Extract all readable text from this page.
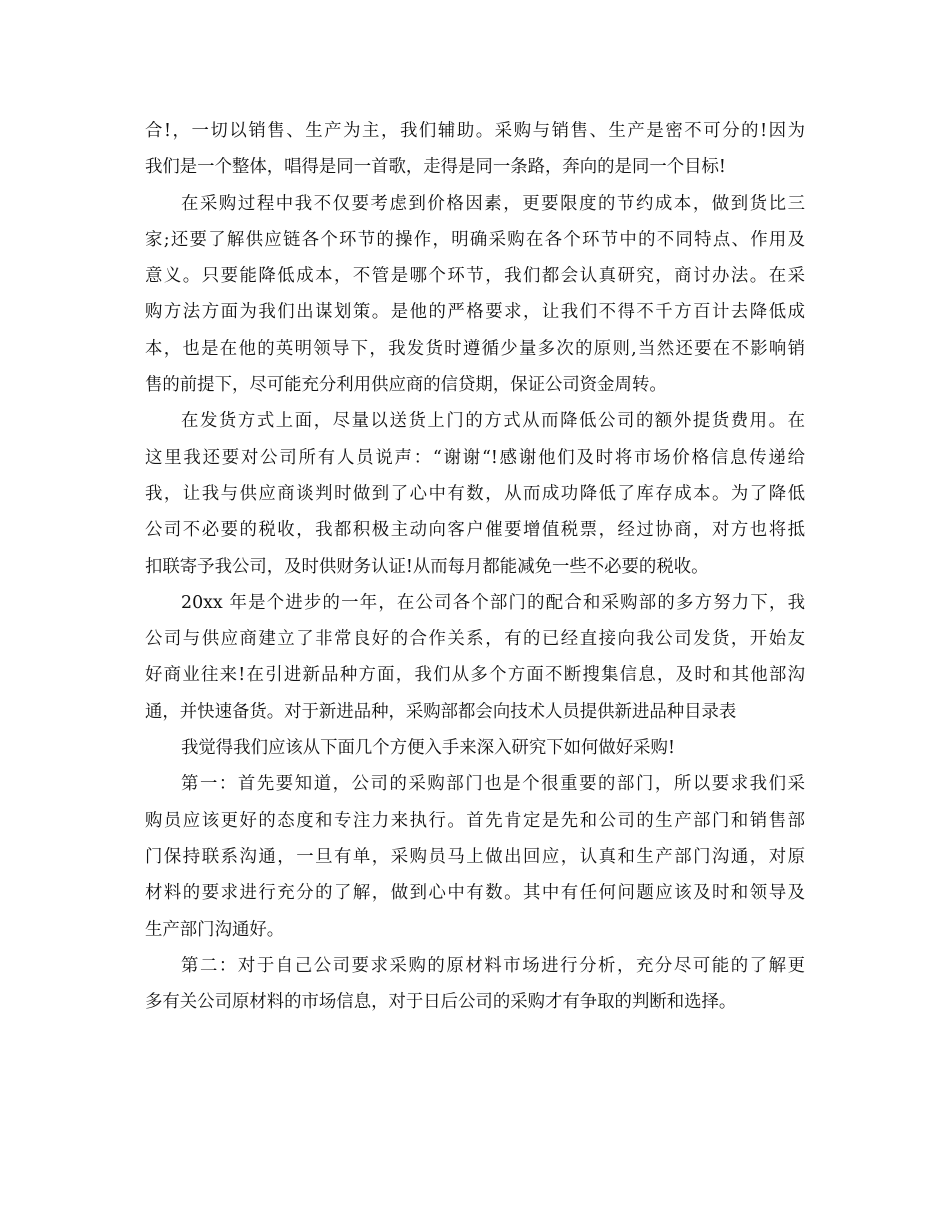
合!，一切以销售、生产为主，我们辅助。采购与销售、生产是密不可分的!因为
我们是一个整体，唱得是同一首歌，走得是同一条路，奔向的是同一个目标!
在采购过程中我不仅要考虑到价格因素，更要限度的节约成本，做到货比三
家;还要了解供应链各个环节的操作，明确采购在各个环节中的不同特点、作用及
意义。只要能降低成本，不管是哪个环节，我们都会认真研究，商讨办法。在采
购方法方面为我们出谋划策。是他的严格要求，让我们不得不千方百计去降低成
本，也是在他的英明领导下，我发货时遵循少量多次的原则,当然还要在不影响销
售的前提下，尽可能充分利用供应商的信贷期，保证公司资金周转。
在发货方式上面，尽量以送货上门的方式从而降低公司的额外提货费用。在
这里我还要对公司所有人员说声：“谢谢“!感谢他们及时将市场价格信息传递给
我，让我与供应商谈判时做到了心中有数，从而成功降低了库存成本。为了降低
公司不必要的税收，我都积极主动向客户催要增值税票，经过协商，对方也将抵
扣联寄予我公司，及时供财务认证!从而每月都能减免一些不必要的税收。
20xx 年是个进步的一年，在公司各个部门的配合和采购部的多方努力下，我
公司与供应商建立了非常良好的合作关系，有的已经直接向我公司发货，开始友
好商业往来!在引进新品种方面，我们从多个方面不断搜集信息，及时和其他部沟
通，并快速备货。对于新进品种，采购部都会向技术人员提供新进品种目录表
我觉得我们应该从下面几个方便入手来深入研究下如何做好采购!
第一：首先要知道，公司的采购部门也是个很重要的部门，所以要求我们采
购员应该更好的态度和专注力来执行。首先肯定是先和公司的生产部门和销售部
门保持联系沟通，一旦有单，采购员马上做出回应，认真和生产部门沟通，对原
材料的要求进行充分的了解，做到心中有数。其中有任何问题应该及时和领导及
生产部门沟通好。
第二：对于自己公司要求采购的原材料市场进行分析，充分尽可能的了解更
多有关公司原材料的市场信息，对于日后公司的采购才有争取的判断和选择。
